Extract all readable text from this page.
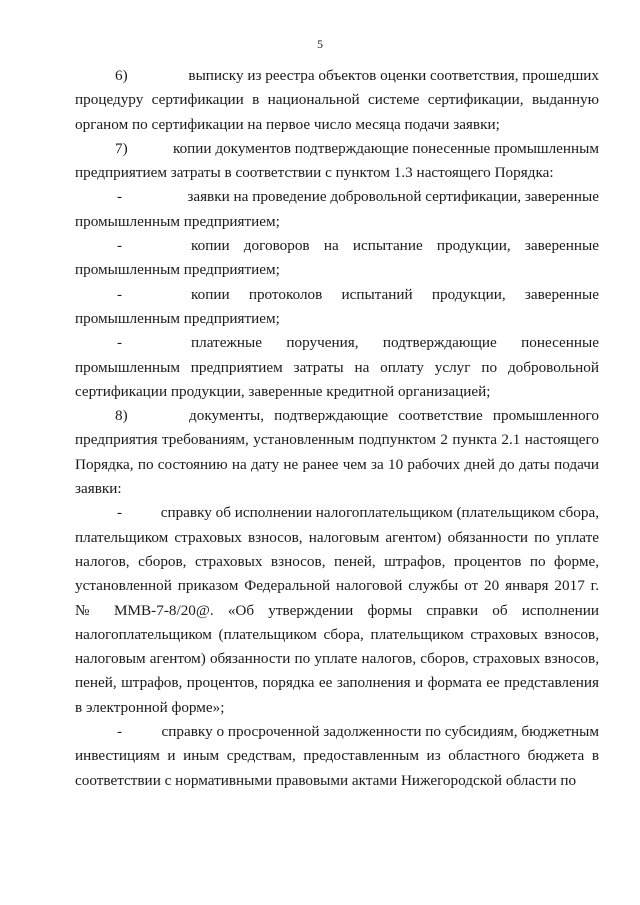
5
6)	выписку из реестра объектов оценки соответствия, прошедших
процедуру сертификации в национальной системе сертификации, выданную
органом по сертификации на первое число месяца подачи заявки;
7)	копии документов подтверждающие понесенные промышленным
предприятием затраты в соответствии с пунктом 1.3 настоящего Порядка:
-	заявки на проведение добровольной сертификации, заверенные
промышленным предприятием;
-	копии договоров на испытание продукции, заверенные
промышленным предприятием;
-	копии протоколов испытаний продукции, заверенные
промышленным предприятием;
-	платежные поручения, подтверждающие понесенные
промышленным предприятием затраты на оплату услуг по добровольной
сертификации продукции, заверенные кредитной организацией;
8)	документы, подтверждающие соответствие промышленного
предприятия требованиям, установленным подпунктом 2 пункта 2.1 настоящего
Порядка, по состоянию на дату не ранее чем за 10 рабочих дней до даты подачи
заявки:
-	справку об исполнении налогоплательщиком (плательщиком сбора,
плательщиком страховых взносов, налоговым агентом) обязанности по уплате
налогов, сборов, страховых взносов, пеней, штрафов, процентов по форме,
установленной приказом Федеральной налоговой службы от 20 января 2017 г.
№ ММВ-7-8/20@. «Об утверждении формы справки об исполнении
налогоплательщиком (плательщиком сбора, плательщиком страховых взносов,
налоговым агентом) обязанности по уплате налогов, сборов, страховых взносов,
пеней, штрафов, процентов, порядка ее заполнения и формата ее представления
в электронной форме»;
-	справку о просроченной задолженности по субсидиям, бюджетным
инвестициям и иным средствам, предоставленным из областного бюджета в
соответствии с нормативными правовыми актами Нижегородской области по
